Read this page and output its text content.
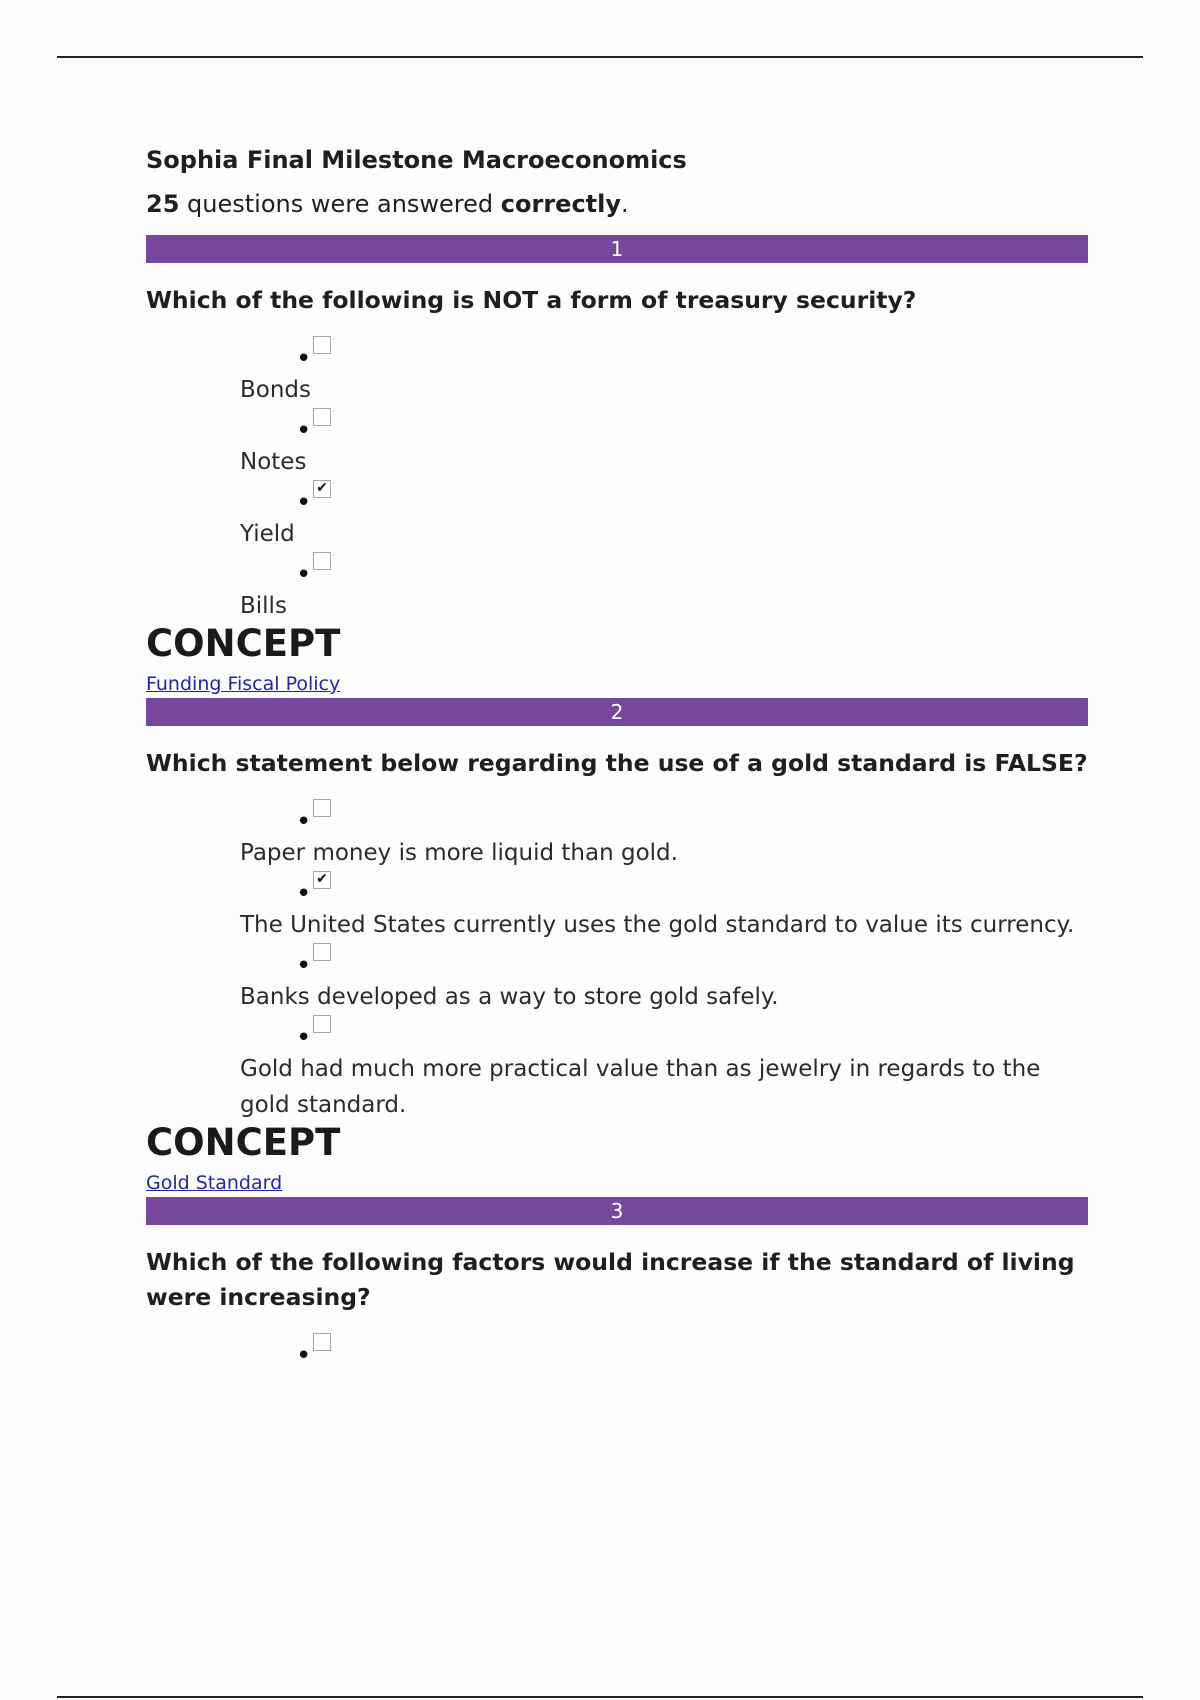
Sophia Final Milestone Macroeconomics

25 questions were answered correctly.

1
Which of the following is NOT a form of treasury security?
•
Bonds
•
Notes
• ✔
Yield
•
Bills
CONCEPT
Funding Fiscal Policy
2
Which statement below regarding the use of a gold standard is FALSE?
•
Paper money is more liquid than gold.
• ✔
The United States currently uses the gold standard to value its currency.
•
Banks developed as a way to store gold safely.
•
Gold had much more practical value than as jewelry in regards to the gold standard.
CONCEPT
Gold Standard
3
Which of the following factors would increase if the standard of living were increasing?
•
